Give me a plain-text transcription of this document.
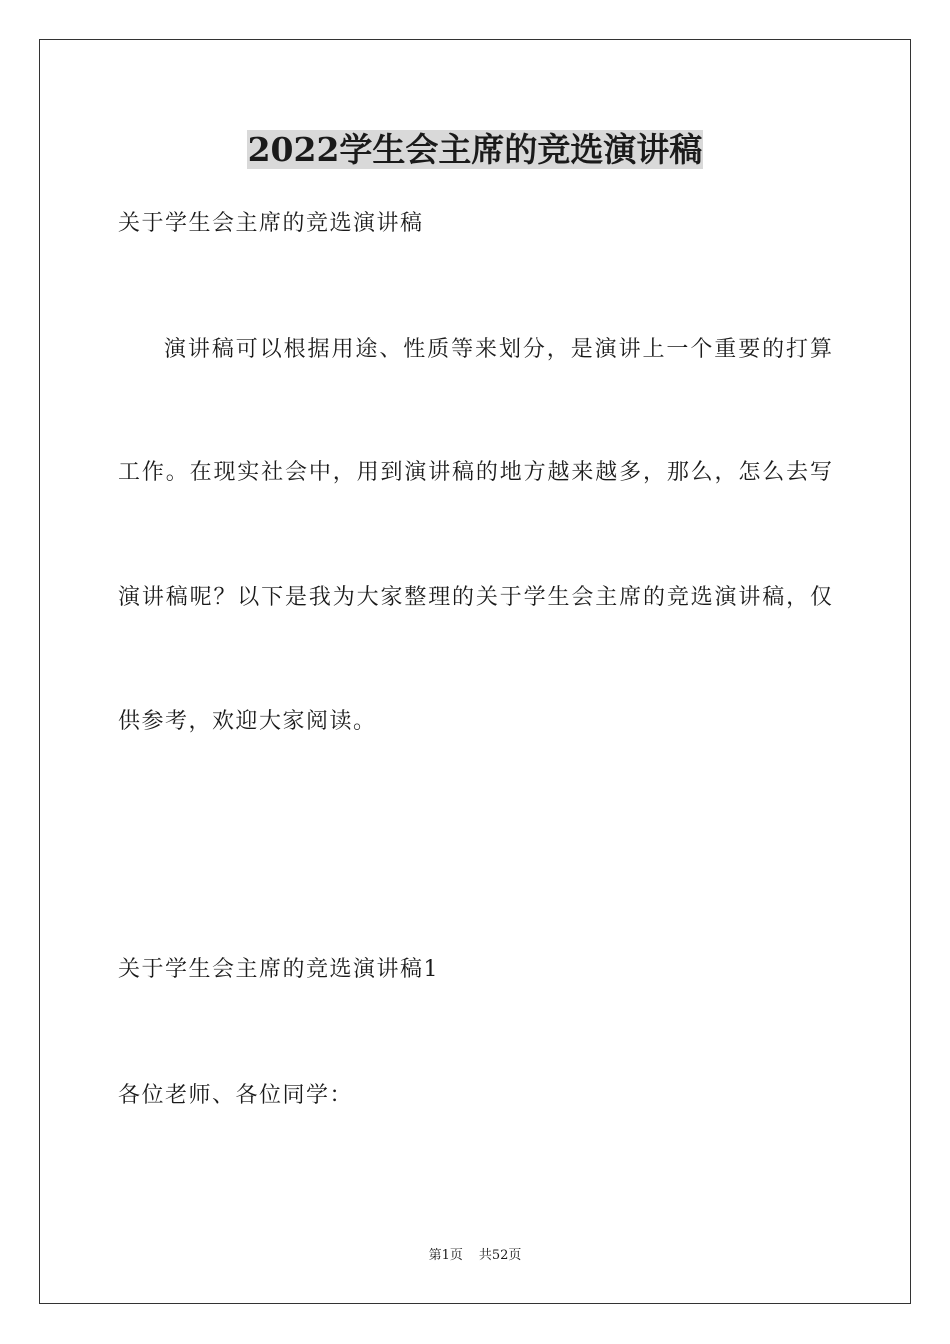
2022学生会主席的竞选演讲稿
关于学生会主席的竞选演讲稿
演讲稿可以根据用途、性质等来划分，是演讲上一个重要的打算
工作。在现实社会中，用到演讲稿的地方越来越多，那么，怎么去写
演讲稿呢？以下是我为大家整理的关于学生会主席的竞选演讲稿，仅
供参考，欢迎大家阅读。
关于学生会主席的竞选演讲稿1
各位老师、各位同学：
第1页 共52页
